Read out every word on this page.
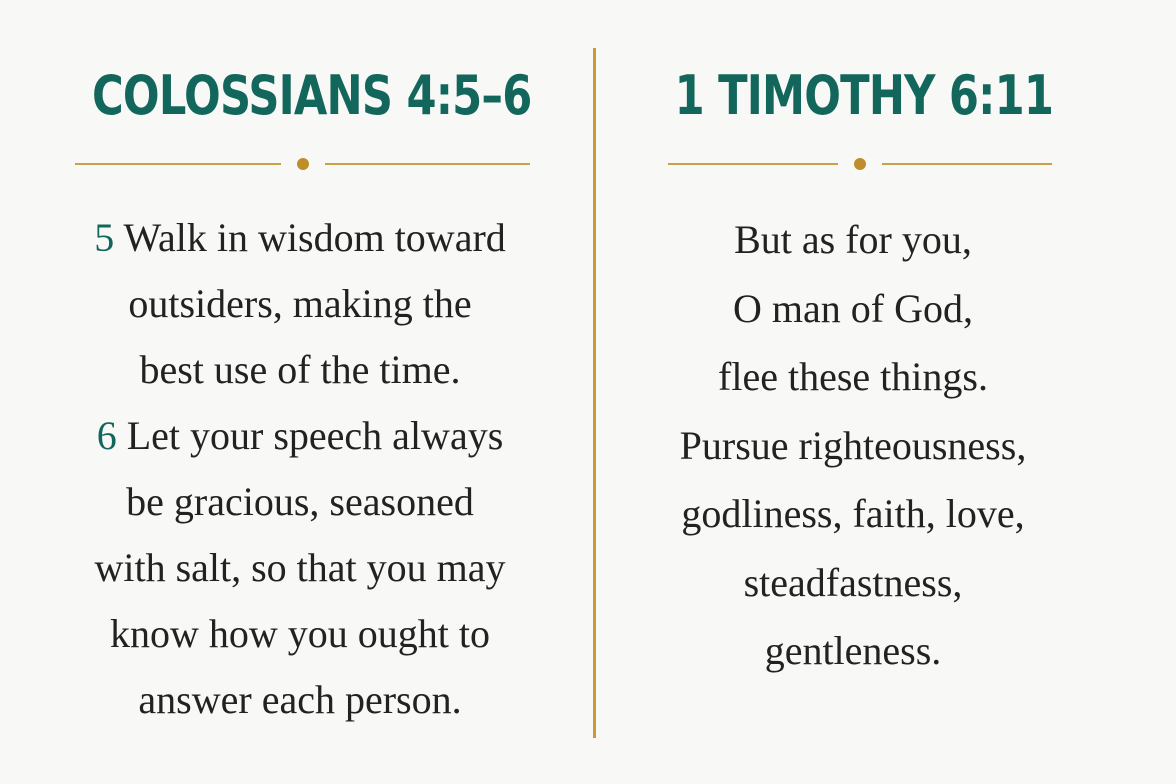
COLOSSIANS 4:5–6
5 Walk in wisdom toward
outsiders, making the
best use of the time.
6 Let your speech always
be gracious, seasoned
with salt, so that you may
know how you ought to
answer each person.
1 TIMOTHY 6:11
But as for you,
O man of God,
flee these things.
Pursue righteousness,
godliness, faith, love,
steadfastness,
gentleness.
